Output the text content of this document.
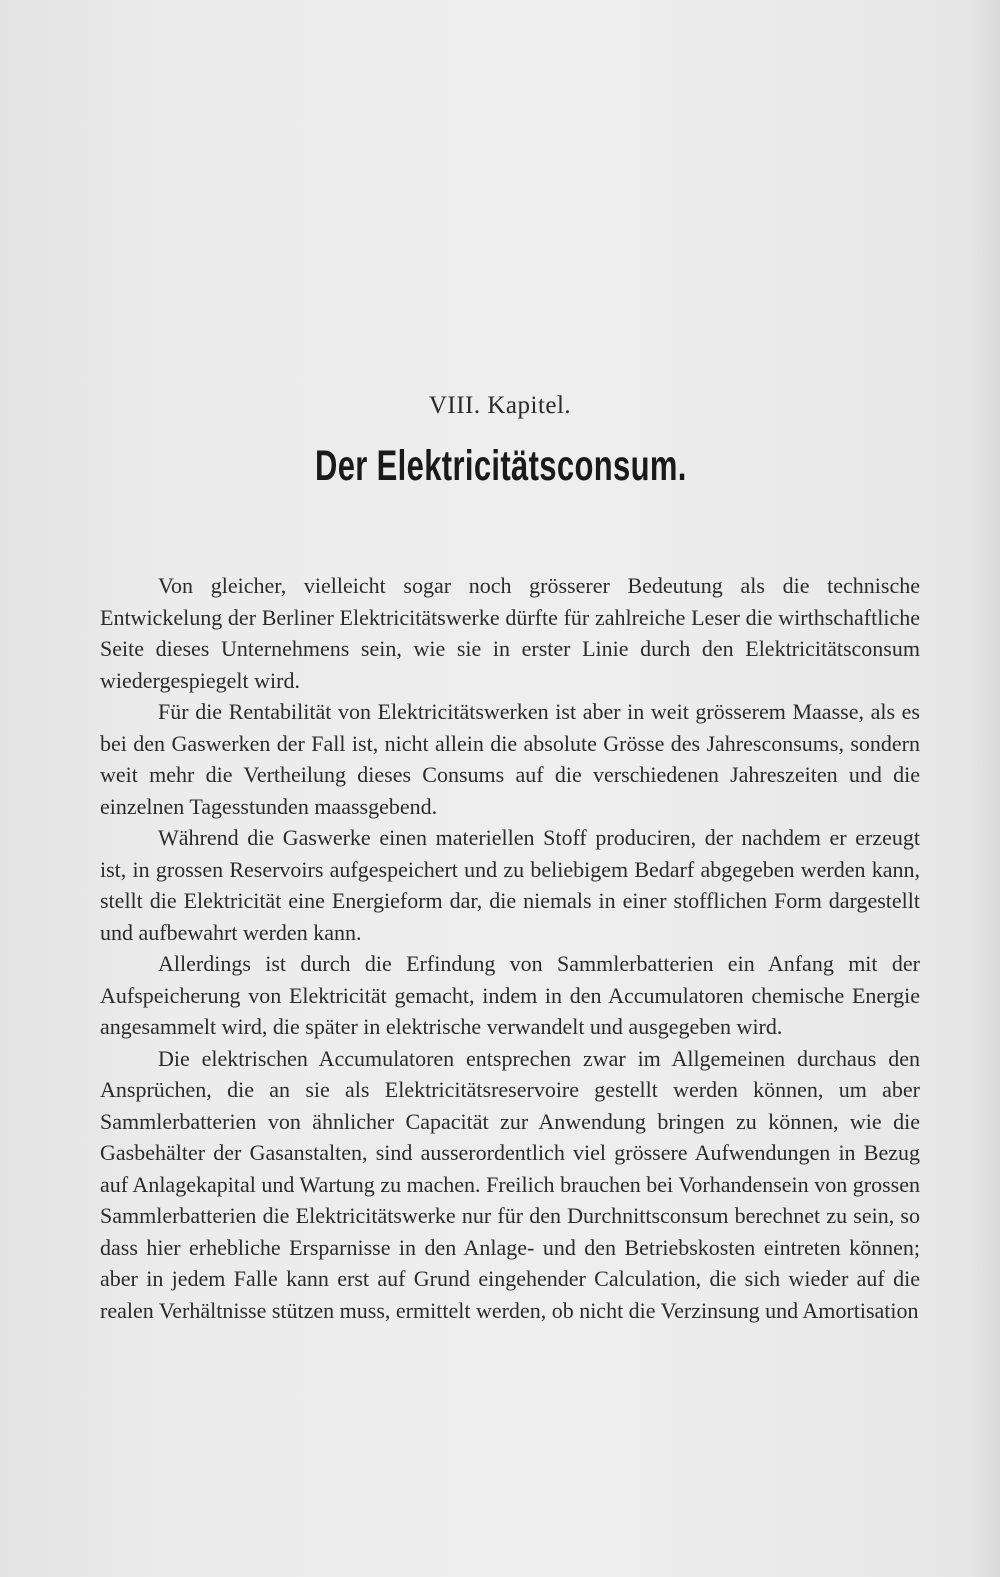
VIII. Kapitel.
Der Elektricitätsconsum.

Von gleicher, vielleicht sogar noch grösserer Bedeutung als die technische Entwickelung der Berliner Elektricitätswerke dürfte für zahlreiche Leser die wirthschaftliche Seite dieses Unternehmens sein, wie sie in erster Linie durch den Elektricitätsconsum wiedergespiegelt wird.

Für die Rentabilität von Elektricitätswerken ist aber in weit grösserem Maasse, als es bei den Gaswerken der Fall ist, nicht allein die absolute Grösse des Jahresconsums, sondern weit mehr die Vertheilung dieses Consums auf die verschiedenen Jahreszeiten und die einzelnen Tagesstunden maassgebend.

Während die Gaswerke einen materiellen Stoff produciren, der nachdem er erzeugt ist, in grossen Reservoirs aufgespeichert und zu beliebigem Bedarf abgegeben werden kann, stellt die Elektricität eine Energieform dar, die niemals in einer stofflichen Form dargestellt und aufbewahrt werden kann.

Allerdings ist durch die Erfindung von Sammlerbatterien ein Anfang mit der Aufspeicherung von Elektricität gemacht, indem in den Accumulatoren chemische Energie angesammelt wird, die später in elektrische verwandelt und ausgegeben wird.

Die elektrischen Accumulatoren entsprechen zwar im Allgemeinen durchaus den Ansprüchen, die an sie als Elektricitätsreservoire gestellt werden können, um aber Sammlerbatterien von ähnlicher Capacität zur Anwendung bringen zu können, wie die Gasbehälter der Gasanstalten, sind ausserordentlich viel grössere Aufwendungen in Bezug auf Anlagekapital und Wartung zu machen. Freilich brauchen bei Vorhandensein von grossen Sammlerbatterien die Elektricitätswerke nur für den Durchnittsconsum berechnet zu sein, so dass hier erhebliche Ersparnisse in den Anlage- und den Betriebskosten eintreten können; aber in jedem Falle kann erst auf Grund eingehender Calculation, die sich wieder auf die realen Verhältnisse stützen muss, ermittelt werden, ob nicht die Verzinsung und Amortisation
